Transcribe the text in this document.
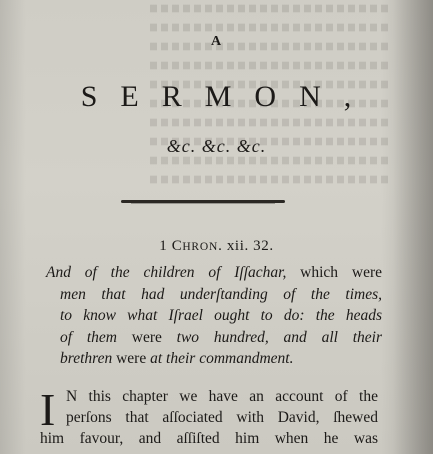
A
SERMON,
&c. &c. &c.
1 CHRON. xii. 32.
And of the children of Iſſachar, which were
men that had underſtanding of the times,
to know what Iſrael ought to do: the heads
of them were two hundred, and all their
brethren were at their commandment.
I N this chapter we have an account of the
perſons that aſſociated with David, ſhewed
him favour, and aſſiſted him when he was
